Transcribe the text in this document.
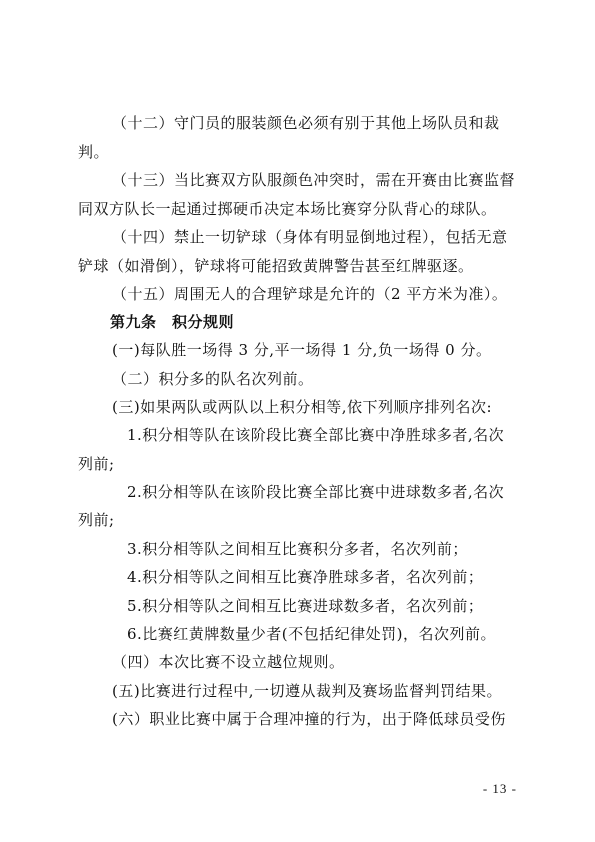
（十二）守门员的服装颜色必须有别于其他上场队员和裁
判。
（十三）当比赛双方队服颜色冲突时，需在开赛由比赛监督
同双方队长一起通过掷硬币决定本场比赛穿分队背心的球队。
（十四）禁止一切铲球（身体有明显倒地过程），包括无意
铲球（如滑倒），铲球将可能招致黄牌警告甚至红牌驱逐。
（十五）周围无人的合理铲球是允许的（2 平方米为准）。
第九条　积分规则
(一)每队胜一场得 3 分,平一场得 1 分,负一场得 0 分。
（二）积分多的队名次列前。
(三)如果两队或两队以上积分相等,依下列顺序排列名次:
1.积分相等队在该阶段比赛全部比赛中净胜球多者,名次
列前;
2.积分相等队在该阶段比赛全部比赛中进球数多者,名次
列前;
3.积分相等队之间相互比赛积分多者，名次列前；
4.积分相等队之间相互比赛净胜球多者，名次列前；
5.积分相等队之间相互比赛进球数多者，名次列前；
6.比赛红黄牌数量少者(不包括纪律处罚)，名次列前。
（四）本次比赛不设立越位规则。
(五)比赛进行过程中,一切遵从裁判及赛场监督判罚结果。
(六）职业比赛中属于合理冲撞的行为，出于降低球员受伤
- 13 -
